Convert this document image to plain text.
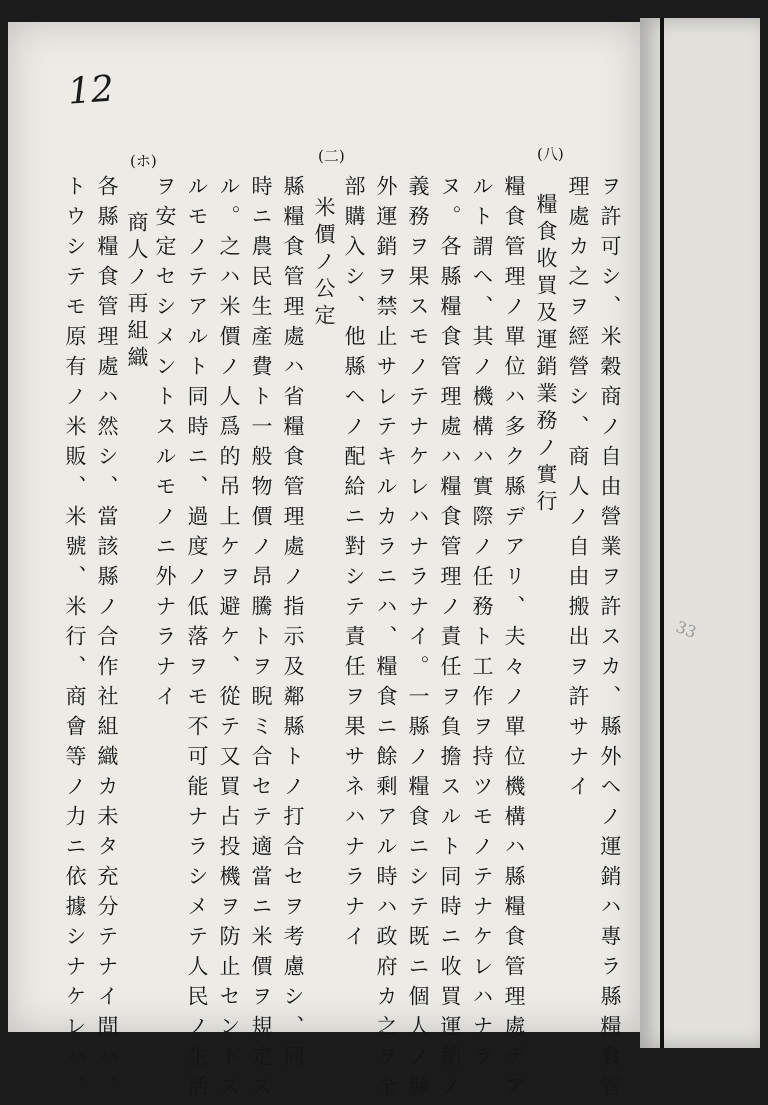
12
(八)
(二)
(ホ)
ヲ許可シ、米穀商ノ自由營業ヲ許スカ、縣外ヘノ運銷ハ專ラ縣糧食管
理處カ之ヲ經營シ、商人ノ自由搬出ヲ許サナイ
糧食收買及運銷業務ノ實行
糧食管理ノ單位ハ多ク縣デアリ、夫々ノ單位機構ハ縣糧食管理處デア
ルト謂ヘ、其ノ機構ハ實際ノ任務ト工作ヲ持ツモノテナケレハナラ
ヌ。各縣糧食管理處ハ糧食管理ノ責任ヲ負擔スルト同時ニ收買運銷ノ
義務ヲ果スモノテナケレハナラナイ。一縣ノ糧食ニシテ既ニ個人ノ縣
外運銷ヲ禁止サレテキルカラニハ、糧食ニ餘剩アル時ハ政府カ之ヲ全
部購入シ、他縣ヘノ配給ニ對シテ責任ヲ果サネハナラナイ
米價ノ公定
縣糧食管理處ハ省糧食管理處ノ指示及鄰縣トノ打合セヲ考慮シ、同
時ニ農民生產費ト一般物價ノ昂騰トヲ睨ミ合セテ適當ニ米價ヲ規定ス
ル。之ハ米價ノ人爲的吊上ケヲ避ケ、從テ又買占投機ヲ防止セントス
ルモノテアルト同時ニ、過度ノ低落ヲモ不可能ナラシメテ人民ノ生活
ヲ安定セシメントスルモノニ外ナラナイ
商人ノ再組織
各縣糧食管理處ハ然シ、當該縣ノ合作社組織カ未タ充分テナイ間ハ、
トウシテモ原有ノ米販、米號、米行、商會等ノ力ニ依據シナケレハ、	33
